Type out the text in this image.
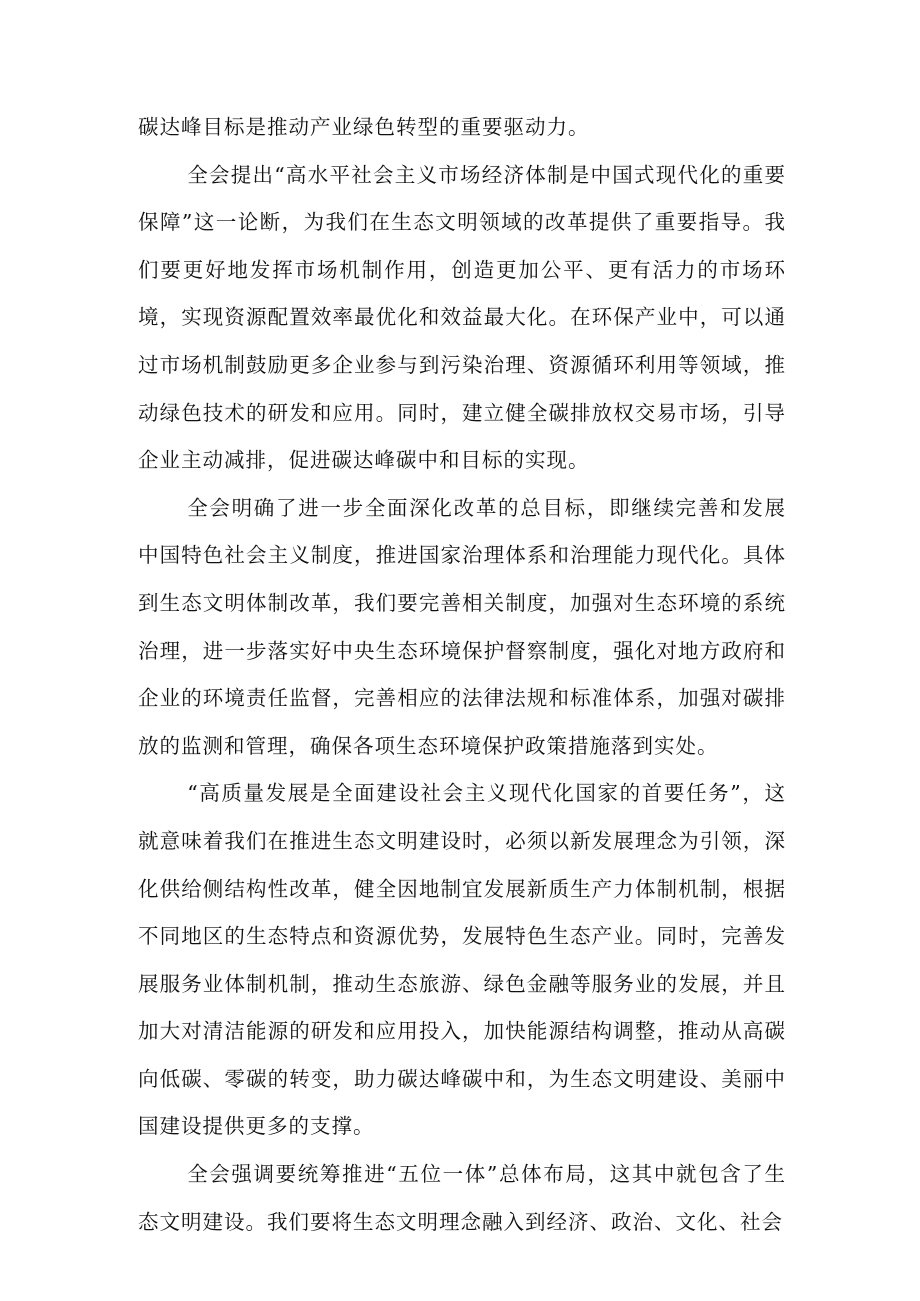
碳达峰目标是推动产业绿色转型的重要驱动力。

全会提出“高水平社会主义市场经济体制是中国式现代化的重要保障”这一论断，为我们在生态文明领域的改革提供了重要指导。我们要更好地发挥市场机制作用，创造更加公平、更有活力的市场环境，实现资源配置效率最优化和效益最大化。在环保产业中，可以通过市场机制鼓励更多企业参与到污染治理、资源循环利用等领域，推动绿色技术的研发和应用。同时，建立健全碳排放权交易市场，引导企业主动减排，促进碳达峰碳中和目标的实现。

全会明确了进一步全面深化改革的总目标，即继续完善和发展中国特色社会主义制度，推进国家治理体系和治理能力现代化。具体到生态文明体制改革，我们要完善相关制度，加强对生态环境的系统治理，进一步落实好中央生态环境保护督察制度，强化对地方政府和企业的环境责任监督，完善相应的法律法规和标准体系，加强对碳排放的监测和管理，确保各项生态环境保护政策措施落到实处。

“高质量发展是全面建设社会主义现代化国家的首要任务”，这就意味着我们在推进生态文明建设时，必须以新发展理念为引领，深化供给侧结构性改革，健全因地制宜发展新质生产力体制机制，根据不同地区的生态特点和资源优势，发展特色生态产业。同时，完善发展服务业体制机制，推动生态旅游、绿色金融等服务业的发展，并且加大对清洁能源的研发和应用投入，加快能源结构调整，推动从高碳向低碳、零碳的转变，助力碳达峰碳中和，为生态文明建设、美丽中国建设提供更多的支撑。

全会强调要统筹推进“五位一体”总体布局，这其中就包含了生态文明建设。我们要将生态文明理念融入到经济、政治、文化、社会
